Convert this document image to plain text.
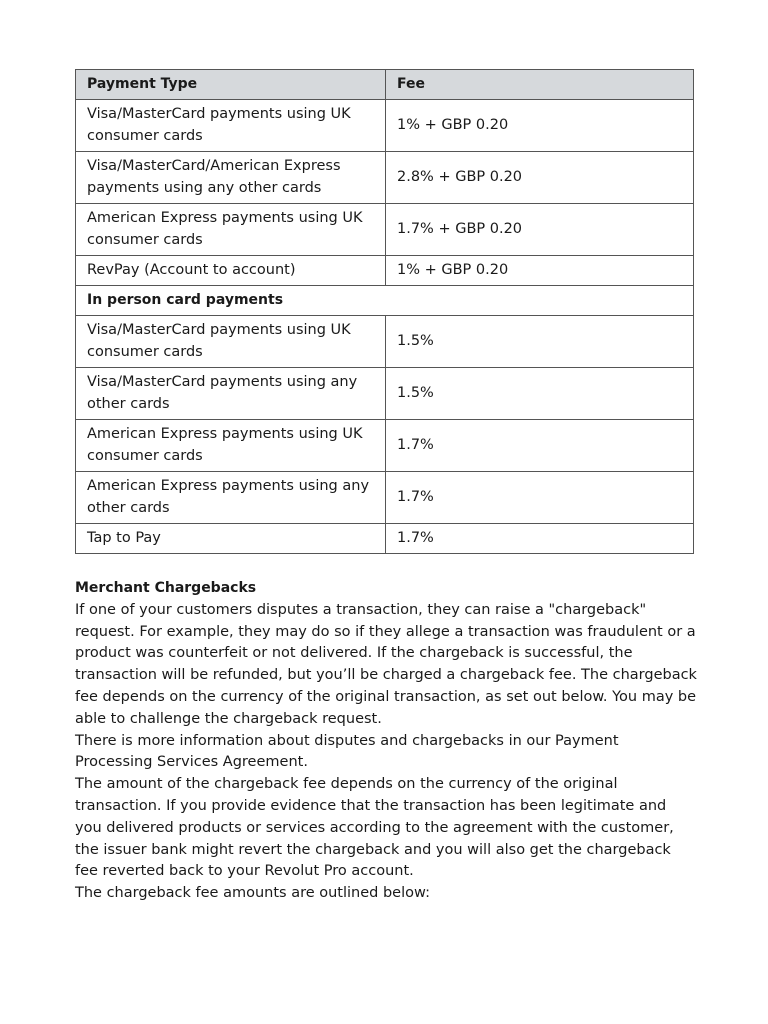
Payment Type	Fee
Visa/MasterCard payments using UK consumer cards	1% + GBP 0.20
Visa/MasterCard/American Express payments using any other cards	2.8% + GBP 0.20
American Express payments using UK consumer cards	1.7% + GBP 0.20
RevPay (Account to account)	1% + GBP 0.20
In person card payments	
Visa/MasterCard payments using UK consumer cards	1.5%
Visa/MasterCard payments using any other cards	1.5%
American Express payments using UK consumer cards	1.7%
American Express payments using any other cards	1.7%
Tap to Pay	1.7%

Merchant Chargebacks

If one of your customers disputes a transaction, they can raise a "chargeback" request. For example, they may do so if they allege a transaction was fraudulent or a product was counterfeit or not delivered. If the chargeback is successful, the transaction will be refunded, but you’ll be charged a chargeback fee. The chargeback fee depends on the currency of the original transaction, as set out below. You may be able to challenge the chargeback request.

There is more information about disputes and chargebacks in our Payment Processing Services Agreement.

The amount of the chargeback fee depends on the currency of the original transaction. If you provide evidence that the transaction has been legitimate and you delivered products or services according to the agreement with the customer, the issuer bank might revert the chargeback and you will also get the chargeback fee reverted back to your Revolut Pro account.

The chargeback fee amounts are outlined below:
